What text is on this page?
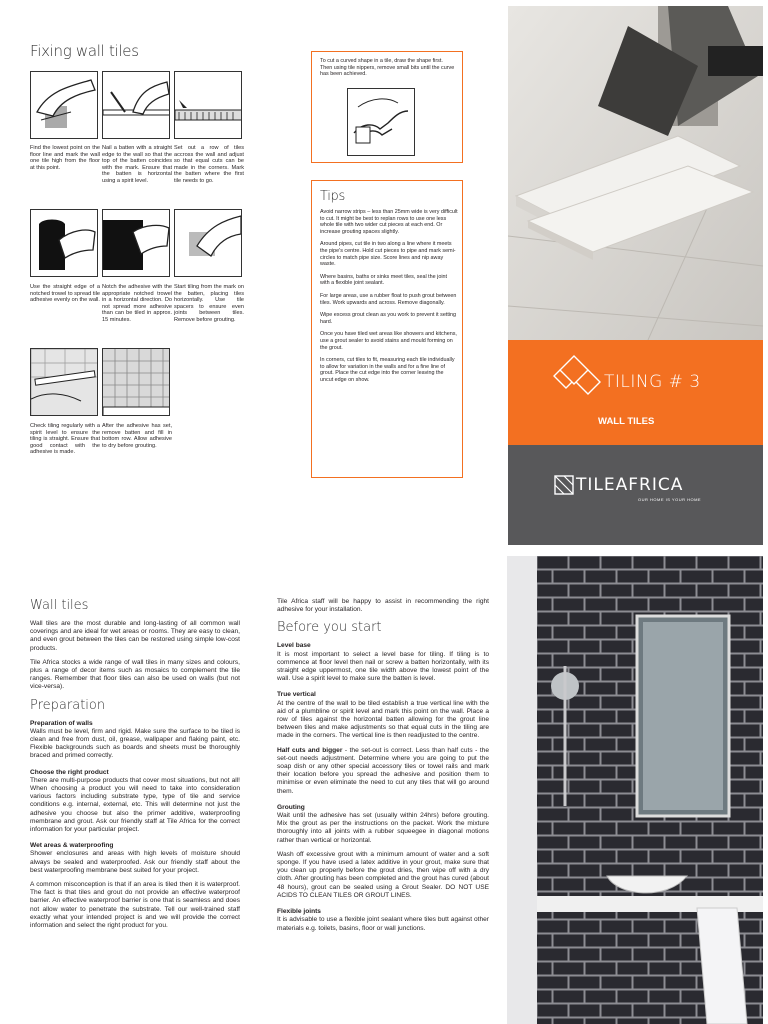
Fixing wall tiles
Find the lowest point on the floor line and mark the wall one tile high from the floor at this point.
Nail a batten with a straight edge to the wall so that the top of the batten coincides with the mark. Ensure that the batten is horizontal using a spirit level.
Set out a row of tiles accross the wall and adjust so that equal cuts can be made in the corners. Mark the batten where the first tile needs to go.
Use the straight edge of a notched trowel to spread tile adhesive evenly on the wall.
Notch the adhesive with the appropriate notched trowel in a horizontal direction. Do not spread more adhesive than can be tiled in approx. 15 minutes.
Start tiling from the mark on the batten, placing tiles horizontally. Use tile spacers to ensure even joints between tiles. Remove before grouting.
Check tiling regularly with a spirit level to ensure the tiling is straight. Ensure that good contact with the adhesive is made.
After the adhesive has set, remove batten and fill in bottom row. Allow adhesive to dry before grouting.
To cut a curved shape in a tile, draw the shape first. Then using tile nippers, remove small bits until the curve has been achieved.
Tips

Avoid narrow strips – less than 25mm wide is very difficult to cut. It might be best to replan rows to use one less whole tile with two wider cut pieces at each end. Or increase grouting spaces slightly.

Around pipes, cut tile in two along a line where it meets the pipe's centre. Hold cut pieces to pipe and mark semi-circles to match pipe size. Score lines and nip away waste.

Where basins, baths or sinks meet tiles, seal the joint with a flexible joint sealant.

For large areas, use a rubber float to push grout between tiles. Work upwards and across. Remove diagonally.

Wipe excess grout clean as you work to prevent it setting hard.

Once you have tiled wet areas like showers and kitchens, use a grout sealer to avoid stains and mould forming on the grout.

In corners, cut tiles to fit, measuring each tile individually to allow for variation in the walls and for a fine line of grout. Place the cut edge into the corner leaving the uncut edge on show.	TILING # 3
WALL TILES
TILEAFRICA
OUR HOME IS YOUR HOME
Wall tiles

Wall tiles are the most durable and long-lasting of all common wall coverings and are ideal for wet areas or rooms. They are easy to clean, and even grout between the tiles can be restored using simple low-cost products.

Tile Africa stocks a wide range of wall tiles in many sizes and colours, plus a range of decor items such as mosaics to complement the tile ranges. Remember that floor tiles can also be used on walls (but not vice-versa).

Preparation
Preparation of walls

Walls must be level, firm and rigid. Make sure the surface to be tiled is clean and free from dust, oil, grease, wallpaper and flaking paint, etc. Flexible backgrounds such as boards and sheets must be thoroughly braced and primed correctly.

Choose the right product

There are multi-purpose products that cover most situations, but not all! When choosing a product you will need to take into consideration various factors including substrate type, type of tile and service conditions e.g. internal, external, etc. This will determine not just the adhesive you choose but also the primer additive, waterproofing membrane and grout. Ask our friendly staff at Tile Africa for the correct information for your particular project.

Wet areas & waterproofing

Shower enclosures and areas with high levels of moisture should always be sealed and waterproofed. Ask our friendly staff about the best waterproofing membrane best suited for your project.

A common misconception is that if an area is tiled then it is waterproof. The fact is that tiles and grout do not provide an effective waterproof barrier. An effective waterproof barrier is one that is seamless and does not allow water to penetrate the substrate. Tell our well-trained staff exactly what your intended project is and we will provide the correct information and select the right product for you.

Tile Africa staff will be happy to assist in recommending the right adhesive for your installation.

Before you start
Level base

It is most important to select a level base for tiling. If tiling is to commence at floor level then nail or screw a batten horizontally, with its straight edge uppermost, one tile width above the lowest point of the wall. Use a spirit level to make sure the batten is level.

True vertical

At the centre of the wall to be tiled establish a true vertical line with the aid of a plumbline or spirit level and mark this point on the wall. Place a row of tiles against the horizontal batten allowing for the grout line between tiles and make adjustments so that equal cuts in the tiling are made in the corners. The vertical line is then readjusted to the centre.

Half cuts and bigger - the set-out is correct. Less than half cuts - the set-out needs adjustment. Determine where you are going to put the soap dish or any other special accessory tiles or towel rails and mark their location before you spread the adhesive and position them to minimise or even eliminate the need to cut any tiles that will go around them.

Grouting

Wait until the adhesive has set (usually within 24hrs) before grouting. Mix the grout as per the instructions on the packet. Work the mixture thoroughly into all joints with a rubber squeegee in diagonal motions rather than vertical or horizontal.

Wash off excessive grout with a minimum amount of water and a soft sponge. If you have used a latex additive in your grout, make sure that you clean up properly before the grout dries, then wipe off with a dry cloth. After grouting has been completed and the grout has cured (about 48 hours), grout can be sealed using a Grout Sealer. DO NOT USE ACIDS TO CLEAN TILES OR GROUT LINES.

Flexible joints

It is advisable to use a flexible joint sealant where tiles butt against other materials e.g. toilets, basins, floor or wall junctions.
